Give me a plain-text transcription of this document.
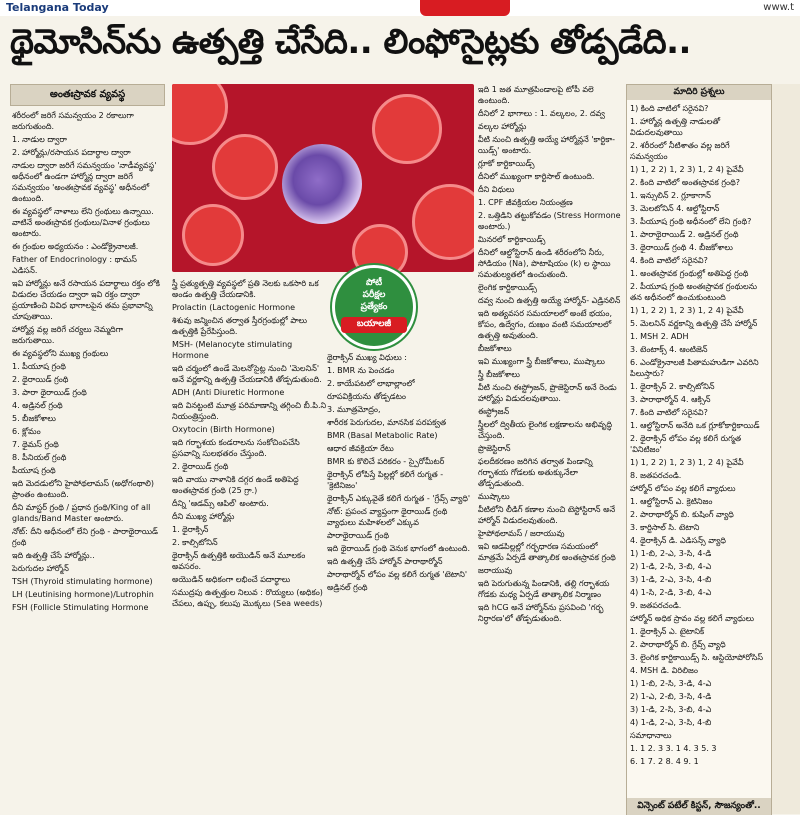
Telangana Today	www.t
థైమోసిన్‌ను ఉత్పత్తి చేసేది.. లింఫోసైట్లకు తోడ్పడేది..
అంతఃస్రావక వ్యవస్థ

శరీరంలో జరిగే సమన్వయం 2 రకాలుగా జరుగుతుంది.

1. నాడుల ద్వారా

2. హార్మోన్లు/రసాయన పదార్థాల ద్వారా

నాడుల ద్వారా జరిగే సమన్వయం 'నాడీవ్యవస్థ' అధీనంలో ఉండగా హార్మోన్ల ద్వారా జరిగే సమన్వయం 'అంతఃస్రావక వ్యవస్థ' అధీనంలో ఉంటుంది.

ఈ వ్యవస్థలో నాళాలు లేని గ్రంథులు ఉన్నాయి. వాటినే అంతఃస్రావక గ్రంథులు/వినాళ గ్రంథులు అంటారు.

ఈ గ్రంథుల అధ్యయనం : ఎండోక్రైనాలజీ.

Father of Endocrinology : థామస్ ఎడిసన్.

ఇవి హార్మోన్లు అనే రసాయన పదార్థాలు రక్తం లోకి విడుదల చేయడం ద్వారా ఇవి రక్తం ద్వారా ప్రయాణించి వివిధ భాగాలపైన తమ ప్రభావాన్ని చూపుతాయి.

హార్మోన్ల వల్ల జరిగే చర్యలు నెమ్మదిగా జరుగుతాయి.

ఈ వ్యవస్థలోని ముఖ్య గ్రంథులు

1. పీయూష గ్రంథి

2. థైరాయిడ్ గ్రంథి

3. పారా థైరాయిడ్ గ్రంథి

4. అడ్రినల్ గ్రంథి

5. బీజకోశాలు

6. క్లోమం

7. థైమస్ గ్రంథి

8. పీనియల్ గ్రంథి

పీయూష గ్రంథి

ఇది మెదడులోని హైపోథలామస్ (అధోగంథాలి) ప్రాంతం ఉంటుంది.

దీని మాస్టర్ గ్రంథి / ప్రధాన గ్రంథి/King of all glands/Band Master అంటారు.

నోట్: దీని అధీనంలో లేని గ్రంథి - పారాథైరాయిడ్ గ్రంథి

ఇది ఉత్పత్తి చేసే హార్మోన్లు..

పెరుగుదల హార్మోన్

TSH (Thyroid stimulating hormone)

LH (Leutinising hormone)/Lutrophin

FSH (Follicle Stimulating Hormone

పోటీ
పరీక్షల
ప్రత్యేకం
బయాలజీ

స్త్రీ ప్రత్యుత్పత్తి వ్యవస్థలో ప్రతి నెలకు ఒకసారి ఒక అండం ఉత్పత్తి చేయడానికి.

Prolactin (Lactogenic Hormone

శిశువు జన్మించిన తర్వాత స్తీరగ్రంథుల్లో పాలు ఉత్పత్తికి ప్రేరేపిస్తుంది.

MSH- (Melanocyte stimulating Hormone

ఇది చర్మంలో ఉండే మెలనోసైట్ల నుంచి 'మెలనిన్' అనే వర్ణకాన్ని ఉత్పత్తి చేయడానికి తోడ్పడుతుంది.

ADH (Anti Diuretic Hormone

ఇది వినట్టంటి మూత్ర పరిమాణాన్ని తగ్గించి బీ.పి.ని నియంత్రిస్తుంది.

Oxytocin (Birth Hormone)

ఇది గర్భాశయ కండరాలను సంకోచింపచేసి ప్రసవాన్ని సులభతరం చేస్తుంది.

2. థైరాయిడ్ గ్రంథి

ఇది వాయు నాళానికి దగ్గర ఉండే అతిపెద్ద అంతఃస్రావక గ్రంథి (25 గ్రా.)

దీన్ని 'ఆడమ్స్ ఆపిల్' అంటారు.

దీని ముఖ్య హార్మోన్లు

1. థైరాక్సిన్

2. కాల్సిటోనిన్

థైరాక్సిన్ ఉత్పత్తికి అయొడిన్ అనే మూలకం అవసరం.

అయొడిన్ అధికంగా లభించే పదార్థాలు

సముద్రపు ఉత్పత్తుల నిలువ : రొయ్యలు (అధికం) చేపలు, ఉప్పు, కలుపు మొక్కలు (Sea weeds)

థైరాక్సిన్ ముఖ్య విధులు :

1. BMR ను పెంచడం

2. కాయేపటలో లాభాల్లాంలో

రూపవిక్రియను తోడ్పడటం

3. మూత్రమోద్రం,

శారీరక పెరుగుదల, మానసిక పరపక్వత

BMR (Basal Metabolic Rate)

ఆధార జీవక్రియా రేటు

BMR కు కొలిచే పరికరం - స్పైరోమీటర్

థైరాక్సిన్ లోపిస్తే పిల్లల్లో కలిగే రుగ్మత - 'క్రెటినిజం'

థైరాక్సిన్ ఎక్కువైతే కలిగే రుగ్మత - 'గ్రేవ్స్ వ్యాధి'

నోట్: ప్రపంచ వ్యాప్తంగా థైరాయిడ్ గ్రంథి వ్యాధులు మహిళలలో ఎక్కువ

పారాథైరాయిడ్ గ్రంథి

ఇది థైరాయిడ్ గ్రంథి వెనుక భాగంలో ఉంటుంది.

ఇది ఉత్పత్తి చేసే హార్మోన్ పారాథార్మోన్

పారాథార్మోన్ లోపం వల్ల కలిగే రుగ్మత 'టెటాని'

అడ్రినల్ గ్రంథి

ఇది 1 జత మూత్రపిండాలపై టోపీ వలె ఉంటుంది.

దీనిలో 2 భాగాలు : 1. వల్కలం, 2. దవ్వ

వల్కల హార్మోన్లు

వీటి నుంచి ఉత్పత్తి అయ్యే హార్మోన్లనే 'కార్టికా-యిడ్స్' అంటారు.

గ్లూకో కార్టికాయిడ్స్

దీనిలో ముఖ్యంగా కార్టిసాల్ ఉంటుంది.

దీని విధులు

1. CPF జీవక్రియల నియంత్రణ

2. ఒత్తిడిని తట్టుకోవడం (Stress Hormone అంటారు.)

మినరలో కార్టికాయిడ్స్

దీనిలో ఆల్డోస్టిరాన్ ఉండి శరీరంలోని నీరు, సోడియం (Na), పొటాషియం (k) ల స్థాయి సమతుల్యతలో ఉంచుతుంది.

లైంగిక కార్టికాయిడ్స్

దవ్వ నుంచి ఉత్పత్తి అయ్యే హార్మోన్- ఎడ్రినలిన్

ఇది అత్యవసర సమయాలలో అంటే భయం, కోపం, ఉద్వేగం, దుఃఖం వంటి సమయాలలో ఉత్పత్తి అవుతుంది.

బీజకోశాలు

ఇవి ముఖ్యంగా స్త్రీ బీజకోశాలు, ముష్కాలు

స్త్రీ బీజకోశాలు

వీటి నుంచి ఈస్ట్రోజన్, ప్రొజెస్టిరాన్ అనే రెండు హార్మోన్లు విడుదలవుతాయి.

ఈస్ట్రోజన్

స్త్రీలలో ద్వితీయ లైంగిక లక్షణాలను అభివృద్ధి చేస్తుంది.

ప్రొజెస్టిరాన్

ఫలదీకరణం జరిగిన తర్వాత పిండాన్ని గర్భాశయ గోడలకు అతుక్కునేలా తోడ్పడుతుంది.

ముష్కాలు

వీటిలోని లీడిగ్ కణాల నుంచి టెస్టోస్టిరాన్ అనే హార్మోన్ విడుదలవుతుంది.

హైపోథలామస్ / జరాయువు

ఇవి ఆడపిల్లల్లో గర్భధారణ సమయంలో మాత్రమే ఏర్పడే తాత్కాలిక అంతఃస్రావక గ్రంథి

జరాయువు

ఇది పెరుగుతున్న పిండానికి, తల్లి గర్భాశయ గోడకు మధ్య ఏర్పడే తాత్కాలిక నిర్మాణం

ఇది hCG అనే హార్మోన్‌ను ప్రసవించి 'గర్భ నిర్ధారణ'లో తోడ్పడుతుంది.

మాదిరి ప్రశ్నలు

1) కింది వాటిలో సరైనవి?

1. హార్మోన్ల ఉత్పత్తి నాడులతో విడుదలవుతాయి

2. శరీరంలో నీటిశాతం వల్ల జరిగే సమన్వయం

1) 1, 2 2) 1, 2 3) 1, 2 4) పైవేవీ

2. కింది వాటిలో అంతఃస్రావక గ్రంథి?

1. ఇన్సులిన్ 2. గ్లూకాగాన్

3. మెలటోనిన్ 4. ఆల్డోస్టిరాన్

3. పీయూష గ్రంథి అధీనంలో లేని గ్రంథి?

1. పారాథైరాయిడ్ 2. అడ్రినల్ గ్రంథి

3. థైరాయిడ్ గ్రంథి 4. బీజకోశాలు

4. కింది వాటిలో సరైనవి?

1. అంతఃస్రావక గ్రంథుల్లో అతిపెద్ద గ్రంథి

2. పీయూష గ్రంథి అంతఃస్రావక గ్రంథులను తన అధీనంలో ఉంచుకుంటుంది

1) 1, 2 2) 1, 2 3) 1, 2 4) పైవేవీ

5. మెలనిన్ వర్ణకాన్ని ఉత్పత్తి చేసే హార్మోన్

1. MSH 2. ADH

3. టెంటాక్స్ 4. ఆంటిజెన్

6. ఎండోక్రైనాలజీ పితామహుడిగా ఎవరిని పిలుస్తారు?

1. థైరాక్సిన్ 2. కాల్సిటోనిన్

3. పారాథార్మోన్ 4. ఆక్సిన్

7. కింది వాటిలో సరైనవి?

1. ఆల్డోస్టిరాన్ అనేది ఒక గ్లూకోకార్టికాయిడ్

2. థైరాక్సిన్ లోపం వల్ల కలిగే రుగ్మత 'వినిటిజం'

1) 1, 2 2) 1, 2 3) 1, 2 4) పైవేవీ

8. జతపరచండి.

హార్మోన్ లోపం వల్ల కలిగే వ్యాధులు

1. ఆల్డోస్టిరాన్ ఎ. క్రెటినిజం

2. పారాథార్మోన్ బి. కుషింగ్ వ్యాధి

3. కార్టిసాల్ సి. టెటాని

4. థైరాక్సిన్ డి. ఎడిసన్స్ వ్యాధి

1) 1-బి, 2-ఎ, 3-సి, 4-డి

2) 1-డి, 2-సి, 3-బి, 4-ఎ

3) 1-డి, 2-ఎ, 3-సి, 4-బి

4) 1-సి, 2-డి, 3-బి, 4-ఎ

9. జతపరచండి.

హార్మోన్ అధిక స్రావం వల్ల కలిగే వ్యాధులు

1. థైరాక్సిన్ ఎ. టైటానిక్

2. పారాథార్మోన్ బి. గ్రేవ్స్ వ్యాధి

3. లైంగిక కార్టికాయిడ్స్ సి. ఆస్టియోపోరోసిస్

4. MSH డి. విరిలిజం

1) 1-బి, 2-సి, 3-డి, 4-ఎ

2) 1-ఎ, 2-బి, 3-సి, 4-డి

3) 1-డి, 2-సి, 3-బి, 4-ఎ

4) 1-డి, 2-ఎ, 3-సి, 4-బి

సమాధానాలు

1. 1 2. 3 3. 1 4. 3 5. 3

6. 1 7. 2 8. 4 9. 1

విన్సెంట్ పటేల్ కిస్టన్, సౌజన్యంతో..
